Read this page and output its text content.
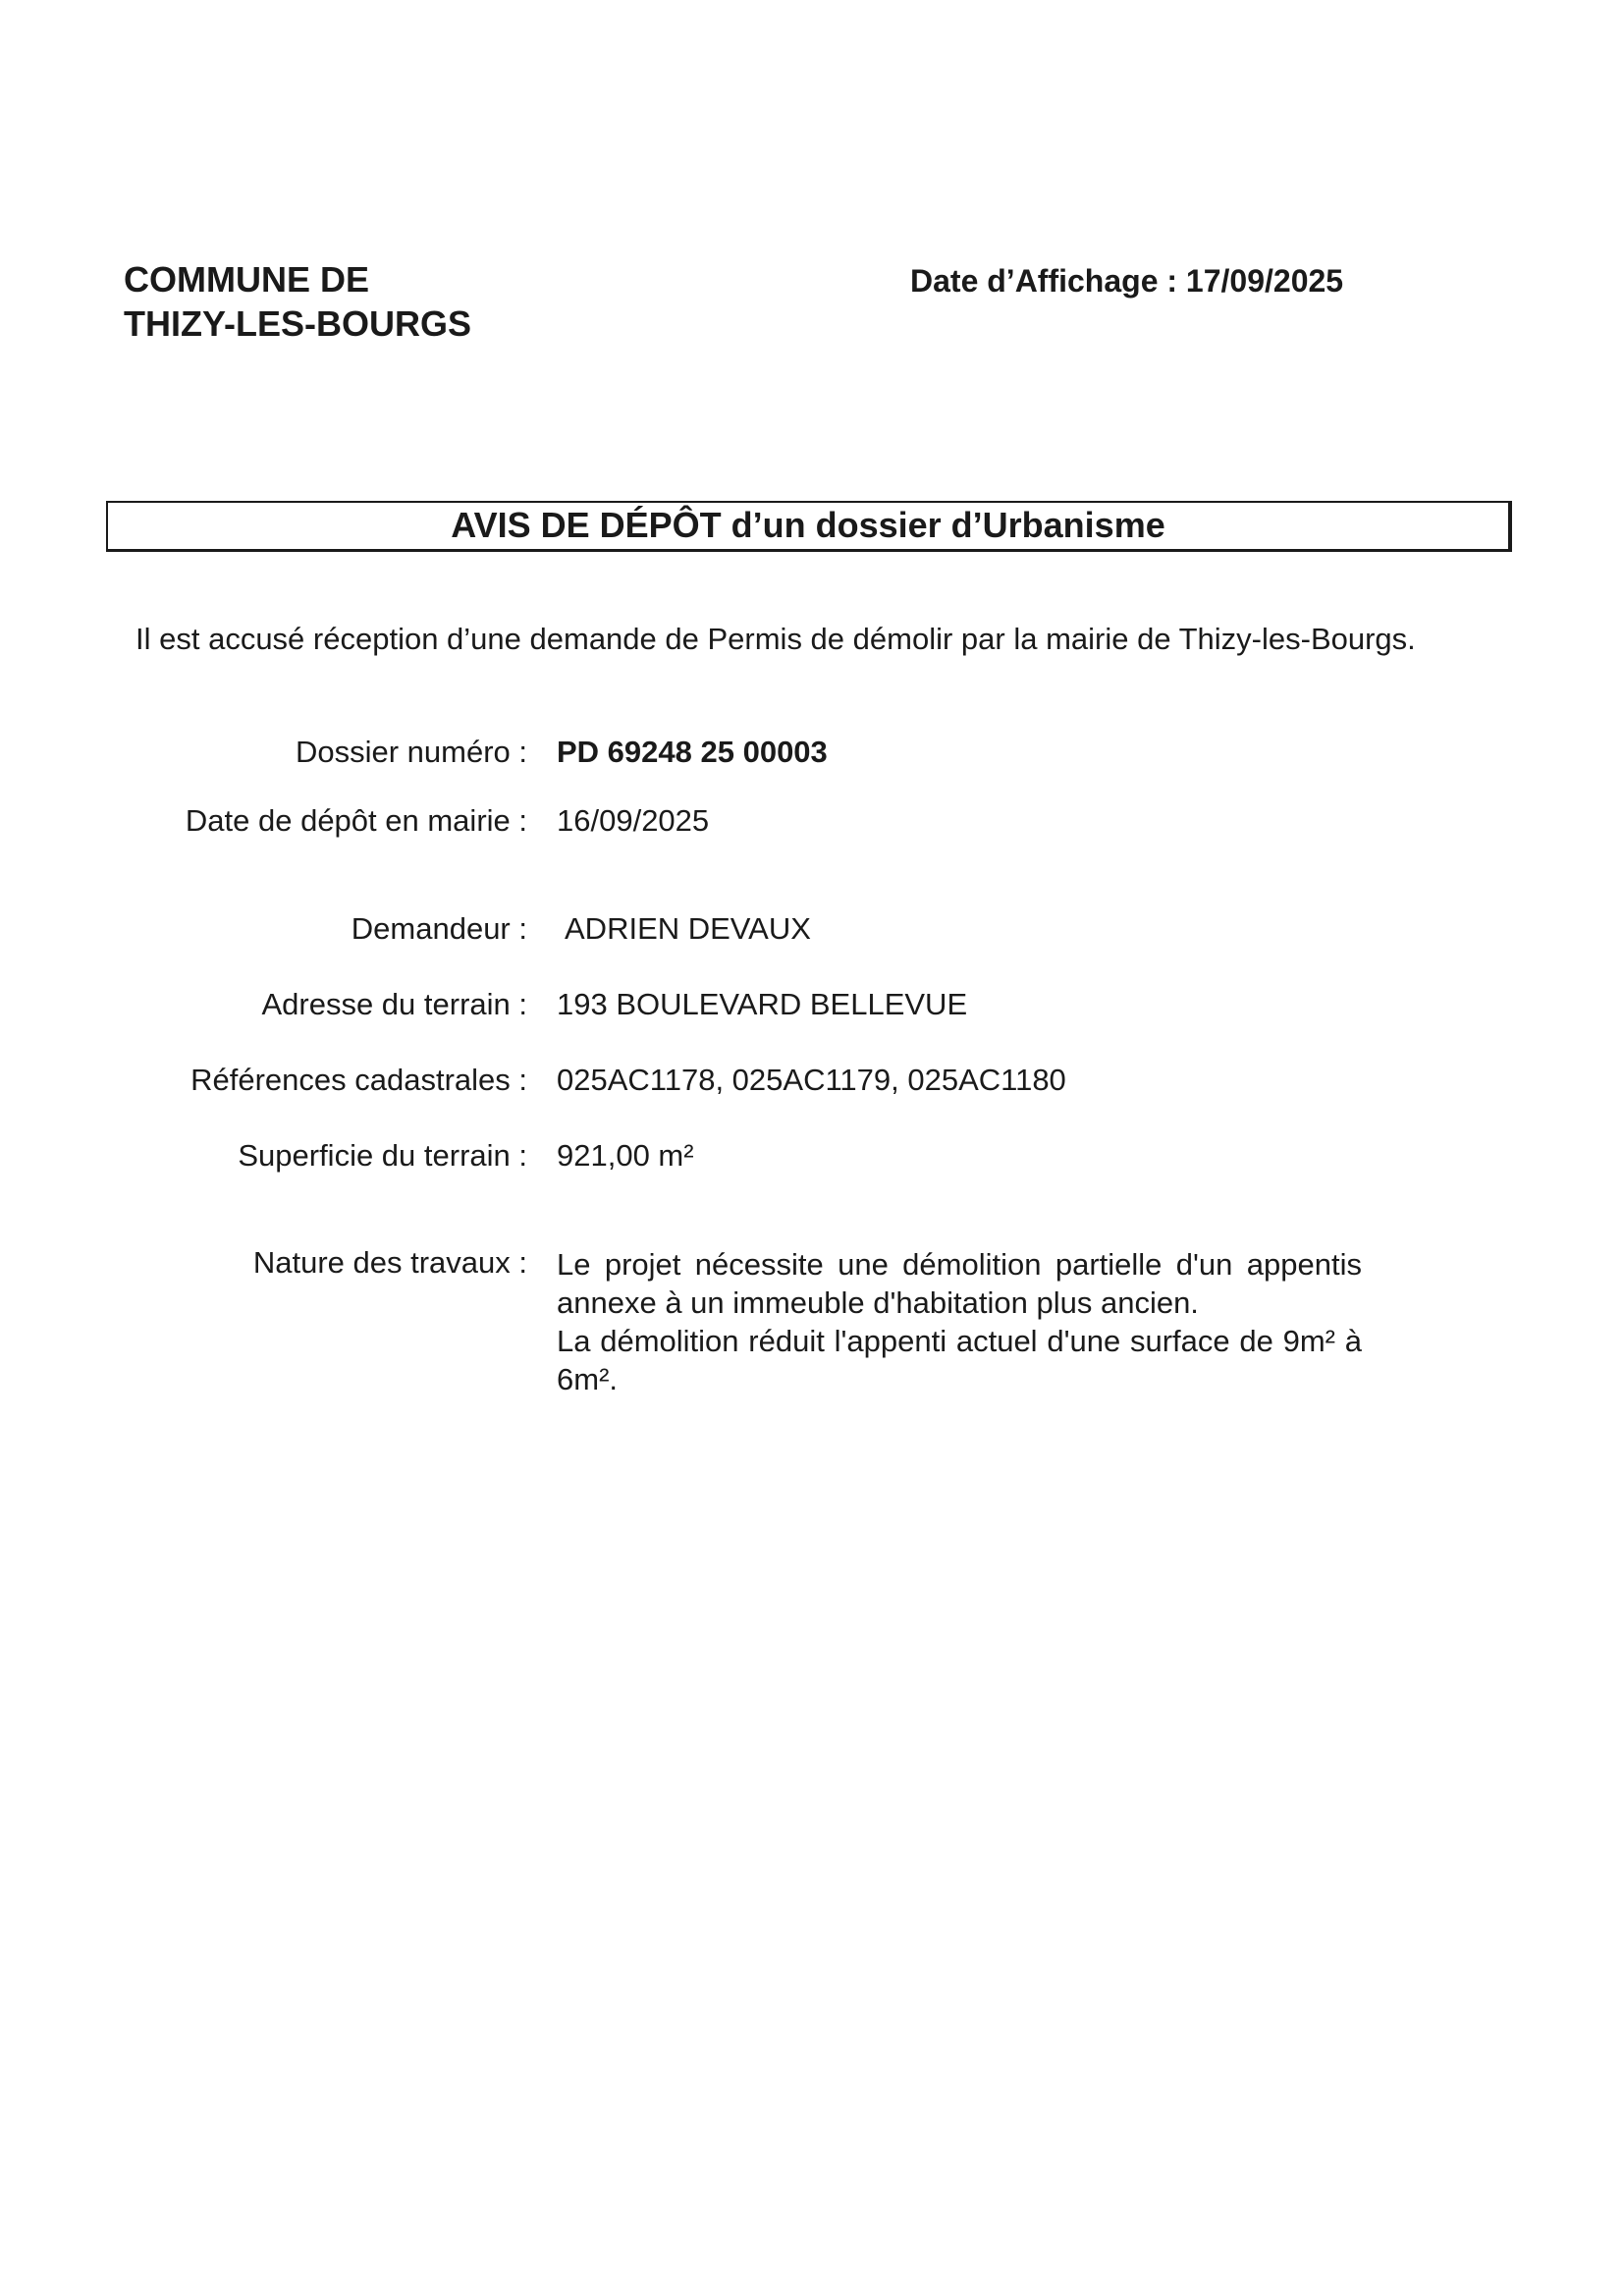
COMMUNE DE
THIZY-LES-BOURGS
Date d’Affichage : 17/09/2025
AVIS DE DÉPÔT d’un dossier d’Urbanisme

Il est accusé réception d’une demande de Permis de démolir par la mairie de Thizy-les-Bourgs.

Dossier numéro : PD 69248 25 00003
Date de dépôt en mairie : 16/09/2025
Demandeur : ADRIEN DEVAUX
Adresse du terrain : 193 BOULEVARD BELLEVUE
Références cadastrales : 025AC1178, 025AC1179, 025AC1180
Superficie du terrain : 921,00 m²
Nature des travaux : Le projet nécessite une démolition partielle d'un appentis annexe à un immeuble d'habitation plus ancien.

La démolition réduit l'appenti actuel d'une surface de 9m² à 6m².
